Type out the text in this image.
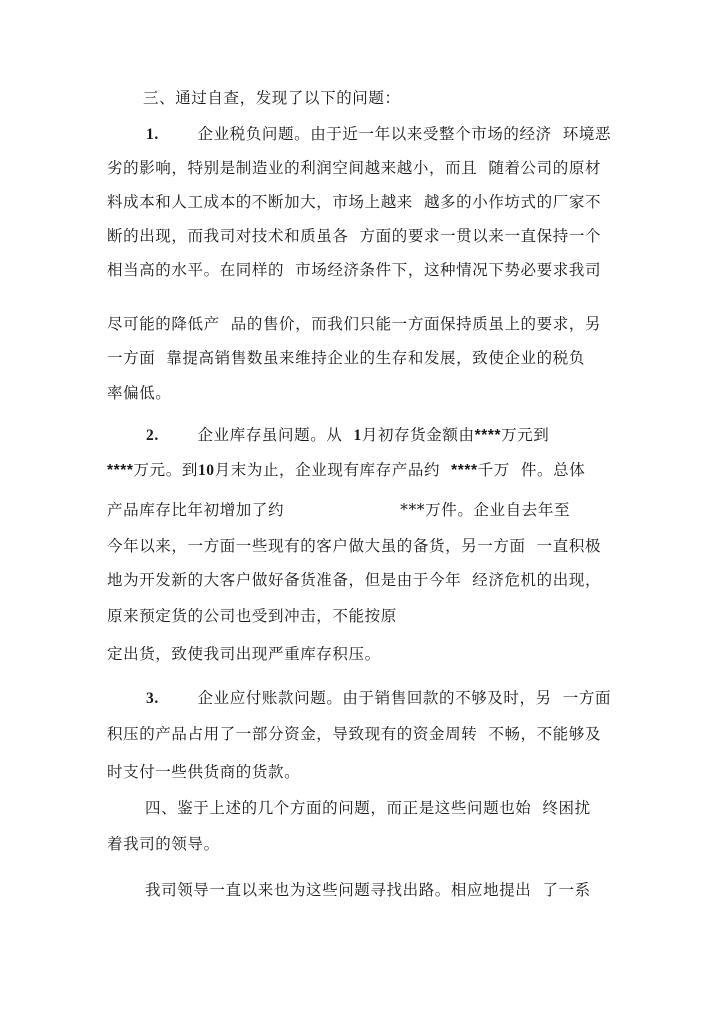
三、通过自查，发现了以下的问题：
1. 企业税负问题。由于近一年以来受整个市场的经济  环境恶
劣的影响，特别是制造业的利润空间越来越小，而且  随着公司的原材
料成本和人工成本的不断加大，市场上越来  越多的小作坊式的厂家不
断的出现，而我司对技术和质虽各  方面的要求一贯以来一直保持一个
相当高的水平。在同样的  市场经济条件下，这种情况下势必要求我司
尽可能的降低产  品的售价，而我们只能一方面保持质虽上的要求，另
一方面  靠提高销售数虽来维持企业的生存和发展，致使企业的税负
率偏低。
2. 企业库存虽问题。从  1月初存货金额由****万元到
****万元。到10月末为止，企业现有库存产品约  ****千万  件。总体
产品库存比年初增加了约	***万件。企业自去年至
今年以来，一方面一些现有的客户做大虽的备货，另一方面  一直积极
地为开发新的大客户做好备货准备，但是由于今年  经济危机的出现，
原来预定货的公司也受到冲击，不能按原
定出货，致使我司出现严重库存积压。
3. 企业应付账款问题。由于销售回款的不够及时，另  一方面
积压的产品占用了一部分资金，导致现有的资金周转  不畅，不能够及
时支付一些供货商的货款。
四、鉴于上述的几个方面的问题，而正是这些问题也始  终困扰
着我司的领导。
我司领导一直以来也为这些问题寻找出路。相应地提出  了一系
